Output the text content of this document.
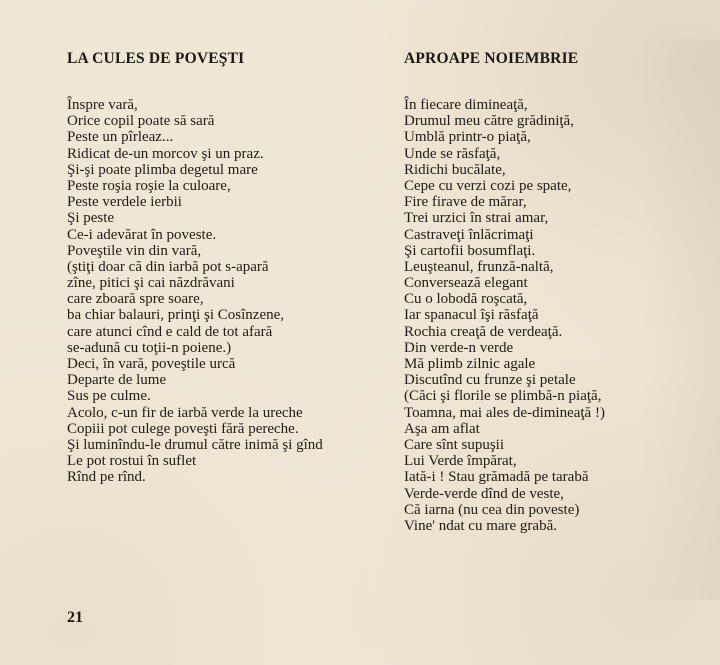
LA CULES DE POVEŞTI
Înspre vară,
Orice copil poate să sară
Peste un pîrleaz...
Ridicat de-un morcov şi un praz.
Şi-şi poate plimba degetul mare
Peste roşia roşie la culoare,
Peste verdele ierbii
Şi peste
Ce-i adevărat în poveste.
Poveştile vin din vară,
(ştiţi doar că din iarbă pot s-apară
zîne, pitici şi cai năzdrăvani
care zboară spre soare,
ba chiar balauri, prinţi şi Cosînzene,
care atunci cînd e cald de tot afară
se-adună cu toţii-n poiene.)
Deci, în vară, poveştile urcă
Departe de lume
Sus pe culme.
Acolo, c-un fir de iarbă verde la ureche
Copiii pot culege poveşti fără pereche.
Şi luminîndu-le drumul către inimă şi gînd
Le pot rostui în suflet
Rînd pe rînd.
APROAPE NOIEMBRIE
În fiecare dimineaţă,
Drumul meu către grădiniţă,
Umblă printr-o piaţă,
Unde se răsfaţă,
Ridichi bucălate,
Cepe cu verzi cozi pe spate,
Fire firave de mărar,
Trei urzici în strai amar,
Castraveţi înlăcrimaţi
Şi cartofii bosumflaţi.
Leuşteanul, frunză-naltă,
Conversează elegant
Cu o lobodă roşcată,
Iar spanacul îşi răsfaţă
Rochia creaţă de verdeaţă.
Din verde-n verde
Mă plimb zilnic agale
Discutînd cu frunze şi petale
(Căci şi florile se plimbă-n piaţă,
Toamna, mai ales de-dimineaţă !)
Aşa am aflat
Care sînt supuşii
Lui Verde împărat,
Iată-i ! Stau grămadă pe tarabă
Verde-verde dînd de veste,
Că iarna (nu cea din poveste)
Vine' ndat cu mare grabă.
21
